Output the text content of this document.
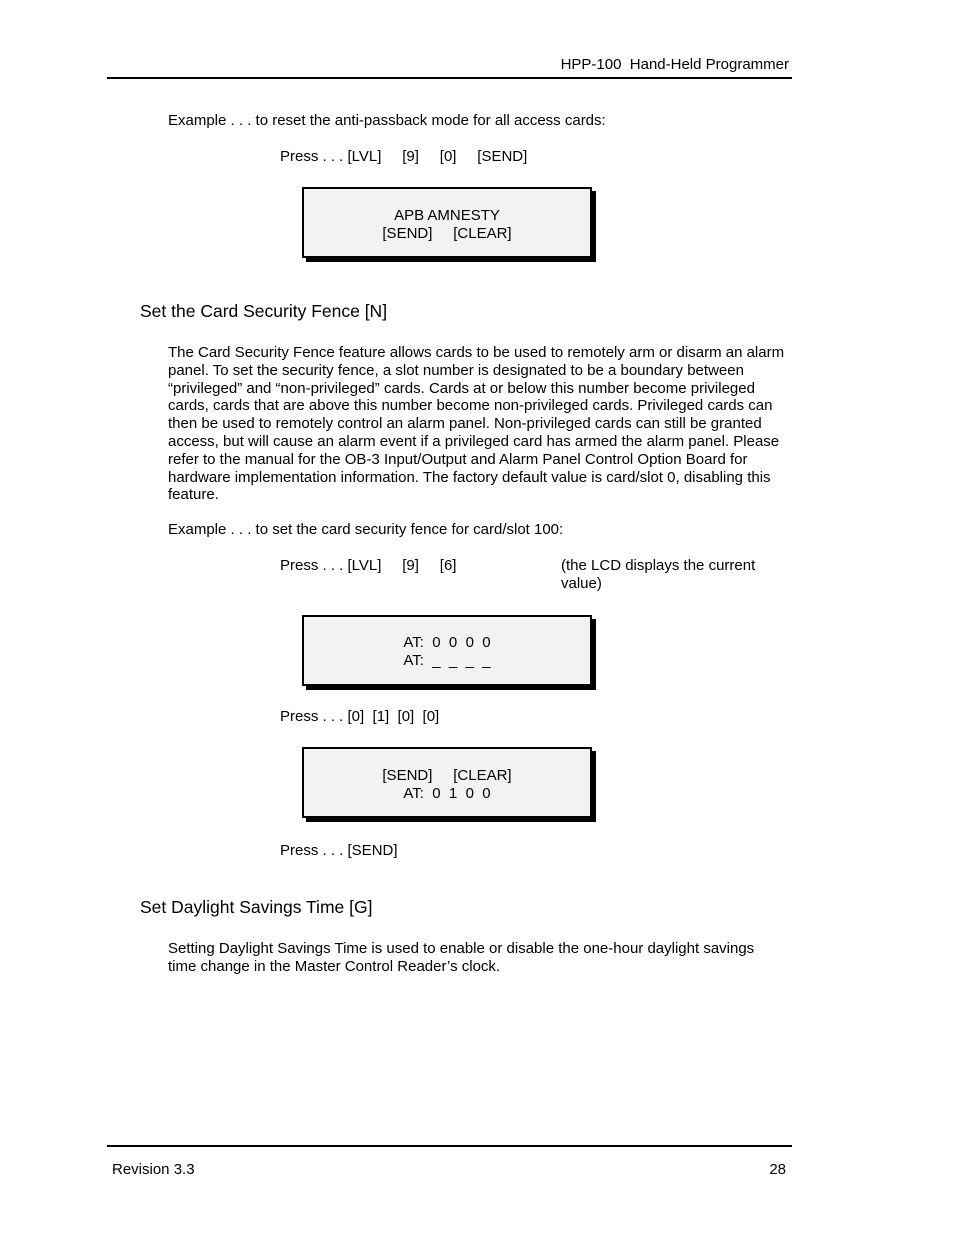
HPP-100  Hand-Held Programmer
Example . . . to reset the anti-passback mode for all access cards:
Press . . . [LVL]     [9]     [0]     [SEND]
APB AMNESTY
[SEND]     [CLEAR]
Set the Card Security Fence [N]
The Card Security Fence feature allows cards to be used to remotely arm or disarm an alarm panel. To set the security fence, a slot number is designated to be a boundary between “privileged” and “non-privileged” cards. Cards at or below this number become privileged cards, cards that are above this number become non-privileged cards. Privileged cards can then be used to remotely control an alarm panel. Non-privileged cards can still be granted access, but will cause an alarm event if a privileged card has armed the alarm panel. Please refer to the manual for the OB-3 Input/Output and Alarm Panel Control Option Board for hardware implementation information. The factory default value is card/slot 0, disabling this feature.
Example . . . to set the card security fence for card/slot 100:
Press . . . [LVL]     [9]     [6]	(the LCD displays the current value)
AT:  0  0  0  0
AT:  _  _  _  _
Press . . . [0]  [1]  [0]  [0]
[SEND]     [CLEAR]
AT:  0  1  0  0
Press . . . [SEND]
Set Daylight Savings Time [G]
Setting Daylight Savings Time is used to enable or disable the one-hour daylight savings time change in the Master Control Reader’s clock.
Revision 3.3	28
